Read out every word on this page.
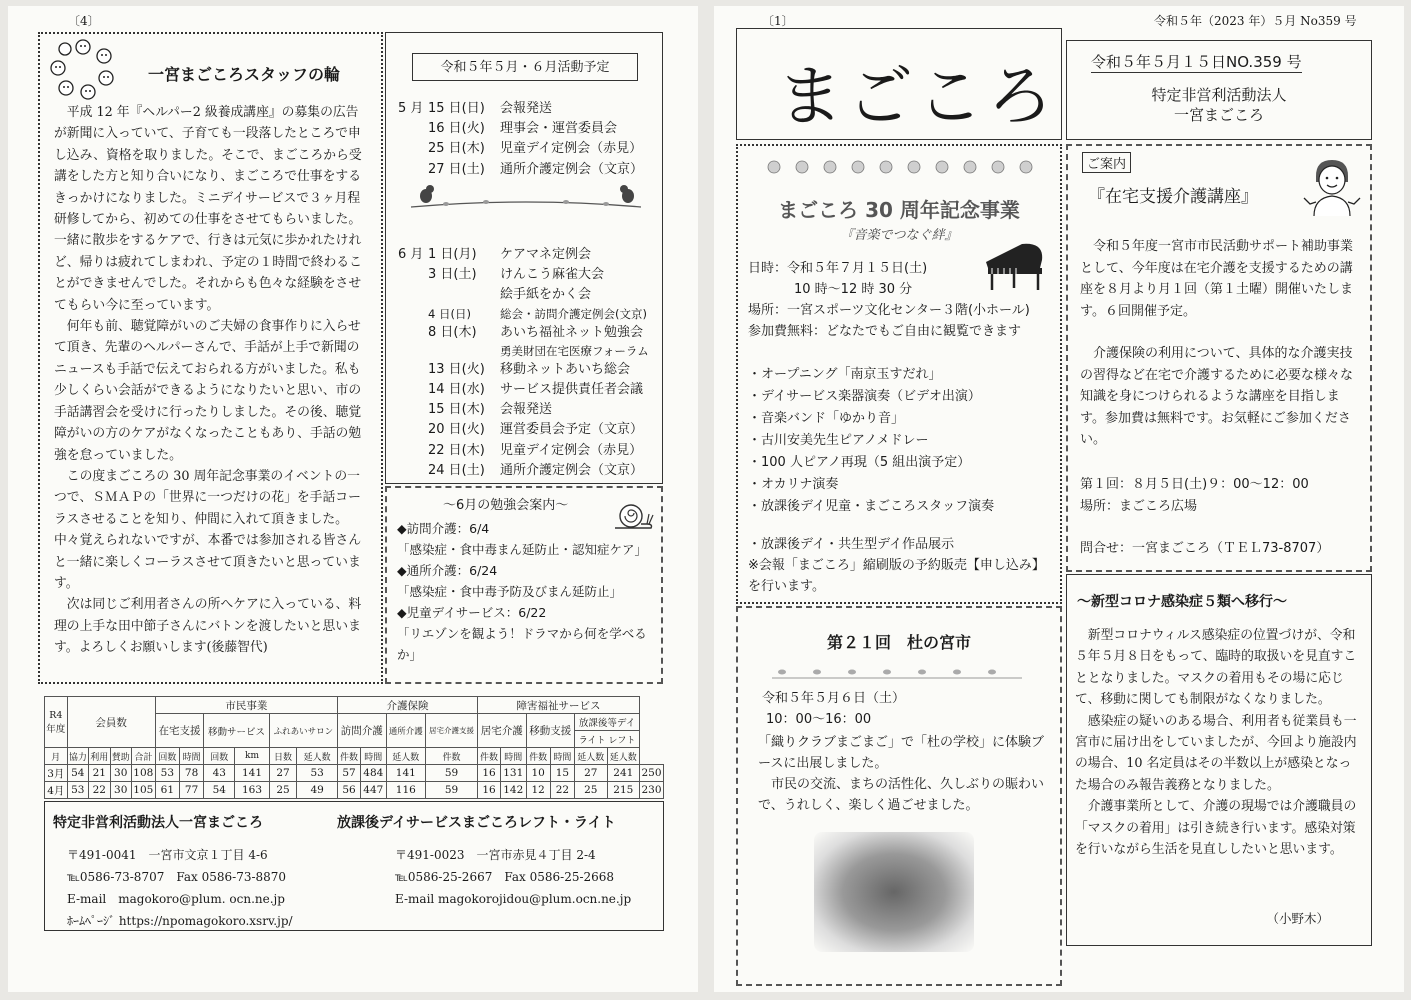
〔4〕
一宮まごころスタッフの輪

平成 12 年『ヘルパー2 級養成講座』の募集の広告が新聞に入っていて、子育ても一段落したところで申し込み、資格を取りました。そこで、まごころから受講をした方と知り合いになり、まごころで仕事をするきっかけになりました。ミニデイサービスで３ヶ月程研修してから、初めての仕事をさせてもらいました。一緒に散歩をするケアで、行きは元気に歩かれたけれど、帰りは疲れてしまわれ、予定の１時間で終わることができませんでした。それからも色々な経験をさせてもらい今に至っています。

何年も前、聴覚障がいのご夫婦の食事作りに入らせて頂き、先輩のヘルパーさんで、手話が上手で新聞のニュースも手話で伝えておられる方がいました。私も少しくらい会話ができるようになりたいと思い、市の手話講習会を受けに行ったりしました。その後、聴覚障がいの方のケアがなくなったこともあり、手話の勉強を怠っていました。

この度まごころの 30 周年記念事業のイベントの一つで、ＳＭＡＰの「世界に一つだけの花」を手話コーラスさせることを知り、仲間に入れて頂きました。中々覚えられないですが、本番では参加される皆さんと一緒に楽しくコーラスさせて頂きたいと思っています。

次は同じご利用者さんの所へケアに入っている、料理の上手な田中節子さんにバトンを渡したいと思います。よろしくお願いします(後藤智代)

令和５年５月・６月活動予定
5 月 15 日(日) 会報発送
16 日(火) 理事会・運営委員会
25 日(木) 児童デイ定例会（赤見）
27 日(土) 通所介護定例会（文京）
6 月 1 日(月) ケアマネ定例会
3 日(土) けんこう麻雀大会
絵手紙をかく会
4 日(日)	総会・訪問介護定例会(文京)
8 日(木) あいち福祉ネット勉強会
勇美財団在宅医療フォーラム
13 日(火) 移動ネットあいち総会
14 日(水) サービス提供責任者会議
15 日(木) 会報発送
20 日(火) 運営委員会予定（文京）
22 日(木) 児童デイ定例会（赤見）
24 日(土) 通所介護定例会（文京）
～6月の勉強会案内～
◆訪問介護：6/4
「感染症・食中毒まん延防止・認知症ケア」
◆通所介護：6/24
「感染症・食中毒予防及びまん延防止」
◆児童デイサービス：6/22
「リエゾンを観よう！ドラマから何を学べるか」
R4
年度	会員数				市民事業						介護保険				障害福祉サービス						
					在宅支援		移動サービス		ふれあいサロン		訪問介護		通所介護	居宅介護支援	居宅介護		移動支援		放課後等デイ		
																			ライト レフト		
月	協力	利用	賛助	合計	回数	時間	回数	km	日数	延人数	件数	時間	延人数	件数	件数	時間	件数	時間	延人数	延人数	
3月	54	21	30	108	53	78	43	141	27	53	57	484	141	59	16	131	10	15	27	241	250
4月	53	22	30	105	61	77	54	163	25	49	56	447	116	59	16	142	12	22	25	215	230
特定非営利活動法人一宮まごころ	放課後デイサービスまごころレフト・ライト
〒491-0041　一宮市文京１丁目 4-6
℡0586-73-8707　Fax 0586-73-8870
E-mail　magokoro@plum. ocn.ne.jp
ﾎｰﾑﾍﾟｰｼﾞ https://npomagokoro.xsrv.jp/
〒491-0023　一宮市赤見４丁目 2-4
℡0586-25-2667　Fax 0586-25-2668
E-mail magokorojidou@plum.ocn.ne.jp
〔1〕	令和５年（2023 年）５月 No359 号
まごころ 令和５年５月１５日NO.359 号
特定非営利活動法人
一宮まごころ
まごころ 30 周年記念事業
『音楽でつなぐ絆』
日時：令和５年７月１５日(土)
10 時～12 時 30 分
場所：一宮スポーツ文化センター３階(小ホール)
参加費無料：どなたでもご自由に観覧できます
・オープニング「南京玉すだれ」
・デイサービス楽器演奏（ビデオ出演）
・音楽バンド「ゆかり音」
・古川安美先生ピアノメドレー
・100 人ピアノ再現（5 組出演予定）
・オカリナ演奏
・放課後デイ児童・まごころスタッフ演奏
・放課後デイ・共生型デイ作品展示
※会報「まごころ」縮刷版の予約販売【申し込み】を行います。
第２１回　杜の宮市
令和５年５月６日（土）
10：00～16：00

「織りクラブまごまご」で「杜の学校」に体験ブースに出展しました。

市民の交流、まちの活性化、久しぶりの賑わいで、うれしく、楽しく過ごせました。

ご案内
『在宅支援介護講座』

令和５年度一宮市市民活動サポート補助事業として、今年度は在宅介護を支援するための講座を８月より月１回（第１土曜）開催いたします。６回開催予定。

介護保険の利用について、具体的な介護実技の習得など在宅で介護するために必要な様々な知識を身につけられるような講座を目指します。参加費は無料です。お気軽にご参加ください。

第１回：８月５日(土)９：00～12：00
場所：まごころ広場
問合せ：一宮まごころ（ＴＥＬ73-8707）
～新型コロナ感染症５類へ移行～

新型コロナウィルス感染症の位置づけが、令和５年５月８日をもって、臨時的取扱いを見直すこととなりました。マスクの着用もその場に応じて、移動に関しても制限がなくなりました。

感染症の疑いのある場合、利用者も従業員も一宮市に届け出をしていましたが、今回より施設内の場合、10 名定員はその半数以上が感染となった場合のみ報告義務となりました。

介護事業所として、介護の現場では介護職員の「マスクの着用」は引き続き行います。感染対策を行いながら生活を見直ししたいと思います。

（小野木）
